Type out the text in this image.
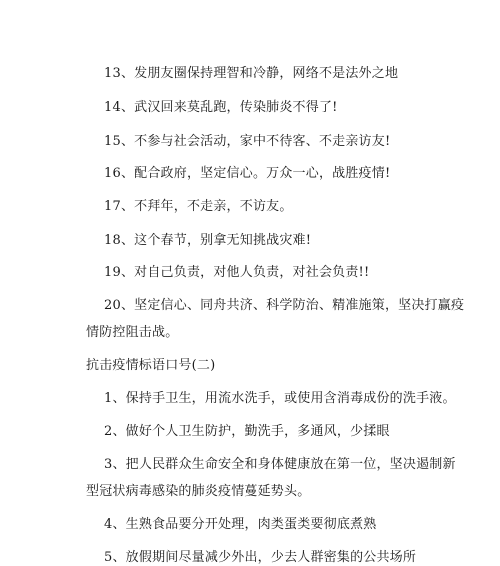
13、发朋友圈保持理智和冷静，网络不是法外之地
14、武汉回来莫乱跑，传染肺炎不得了!
15、不参与社会活动，家中不待客、不走亲访友!
16、配合政府，坚定信心。万众一心，战胜疫情!
17、不拜年，不走亲，不访友。
18、这个春节，别拿无知挑战灾难!
19、对自己负责，对他人负责，对社会负责!!
20、坚定信心、同舟共济、科学防治、精准施策，坚决打赢疫情防控阻击战。
抗击疫情标语口号(二)
1、保持手卫生，用流水洗手，或使用含消毒成份的洗手液。
2、做好个人卫生防护，勤洗手，多通风，少揉眼
3、把人民群众生命安全和身体健康放在第一位，坚决遏制新型冠状病毒感染的肺炎疫情蔓延势头。
4、生熟食品要分开处理，肉类蛋类要彻底煮熟
5、放假期间尽量减少外出，少去人群密集的公共场所
